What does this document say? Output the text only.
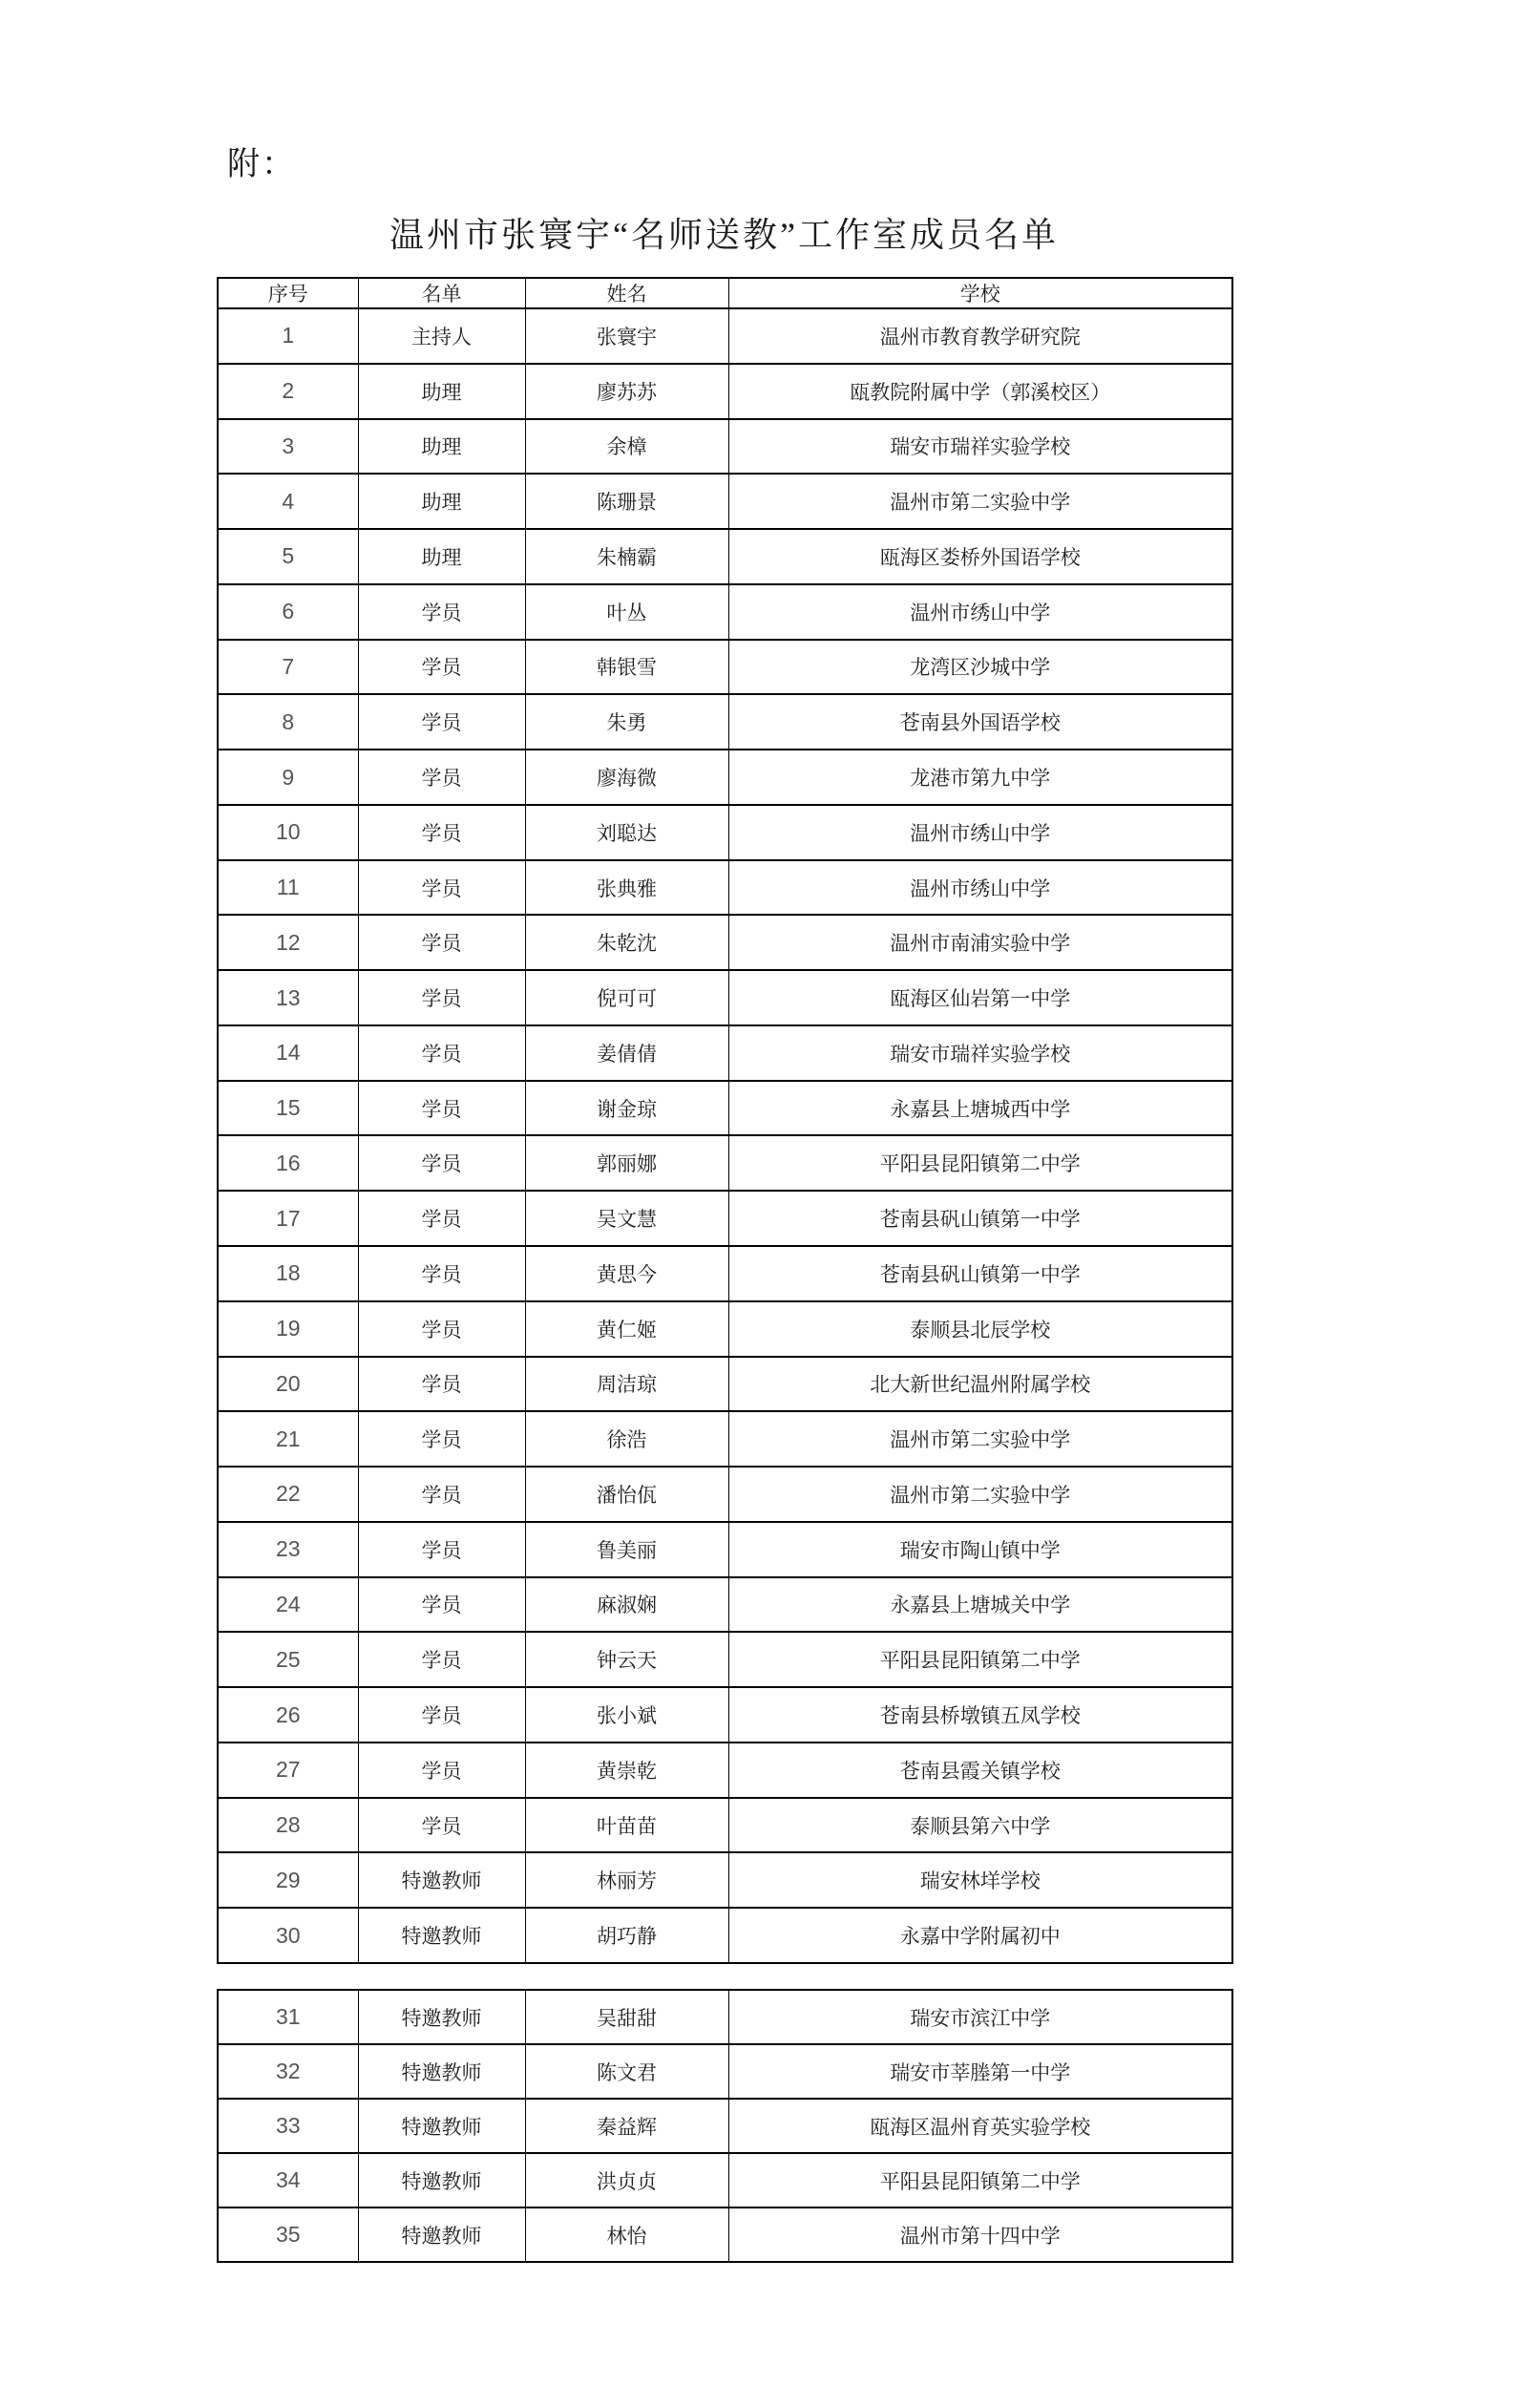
附：
温州市张寰宇“名师送教”工作室成员名单
序号	名单	姓名	学校
1	主持人	张寰宇	温州市教育教学研究院
2	助理	廖苏苏	瓯教院附属中学（郭溪校区）
3	助理	余樟	瑞安市瑞祥实验学校
4	助理	陈珊景	温州市第二实验中学
5	助理	朱楠霸	瓯海区娄桥外国语学校
6	学员	叶丛	温州市绣山中学
7	学员	韩银雪	龙湾区沙城中学
8	学员	朱勇	苍南县外国语学校
9	学员	廖海微	龙港市第九中学
10	学员	刘聪达	温州市绣山中学
11	学员	张典雅	温州市绣山中学
12	学员	朱乾沈	温州市南浦实验中学
13	学员	倪可可	瓯海区仙岩第一中学
14	学员	姜倩倩	瑞安市瑞祥实验学校
15	学员	谢金琼	永嘉县上塘城西中学
16	学员	郭丽娜	平阳县昆阳镇第二中学
17	学员	吴文慧	苍南县矾山镇第一中学
18	学员	黄思今	苍南县矾山镇第一中学
19	学员	黄仁姬	泰顺县北辰学校
20	学员	周洁琼	北大新世纪温州附属学校
21	学员	徐浩	温州市第二实验中学
22	学员	潘怡佤	温州市第二实验中学
23	学员	鲁美丽	瑞安市陶山镇中学
24	学员	麻淑娴	永嘉县上塘城关中学
25	学员	钟云天	平阳县昆阳镇第二中学
26	学员	张小斌	苍南县桥墩镇五凤学校
27	学员	黄崇乾	苍南县霞关镇学校
28	学员	叶苗苗	泰顺县第六中学
29	特邀教师	林丽芳	瑞安林垟学校
30	特邀教师	胡巧静	永嘉中学附属初中
31	特邀教师	吴甜甜	瑞安市滨江中学
32	特邀教师	陈文君	瑞安市莘塍第一中学
33	特邀教师	秦益辉	瓯海区温州育英实验学校
34	特邀教师	洪贞贞	平阳县昆阳镇第二中学
35	特邀教师	林怡	温州市第十四中学
